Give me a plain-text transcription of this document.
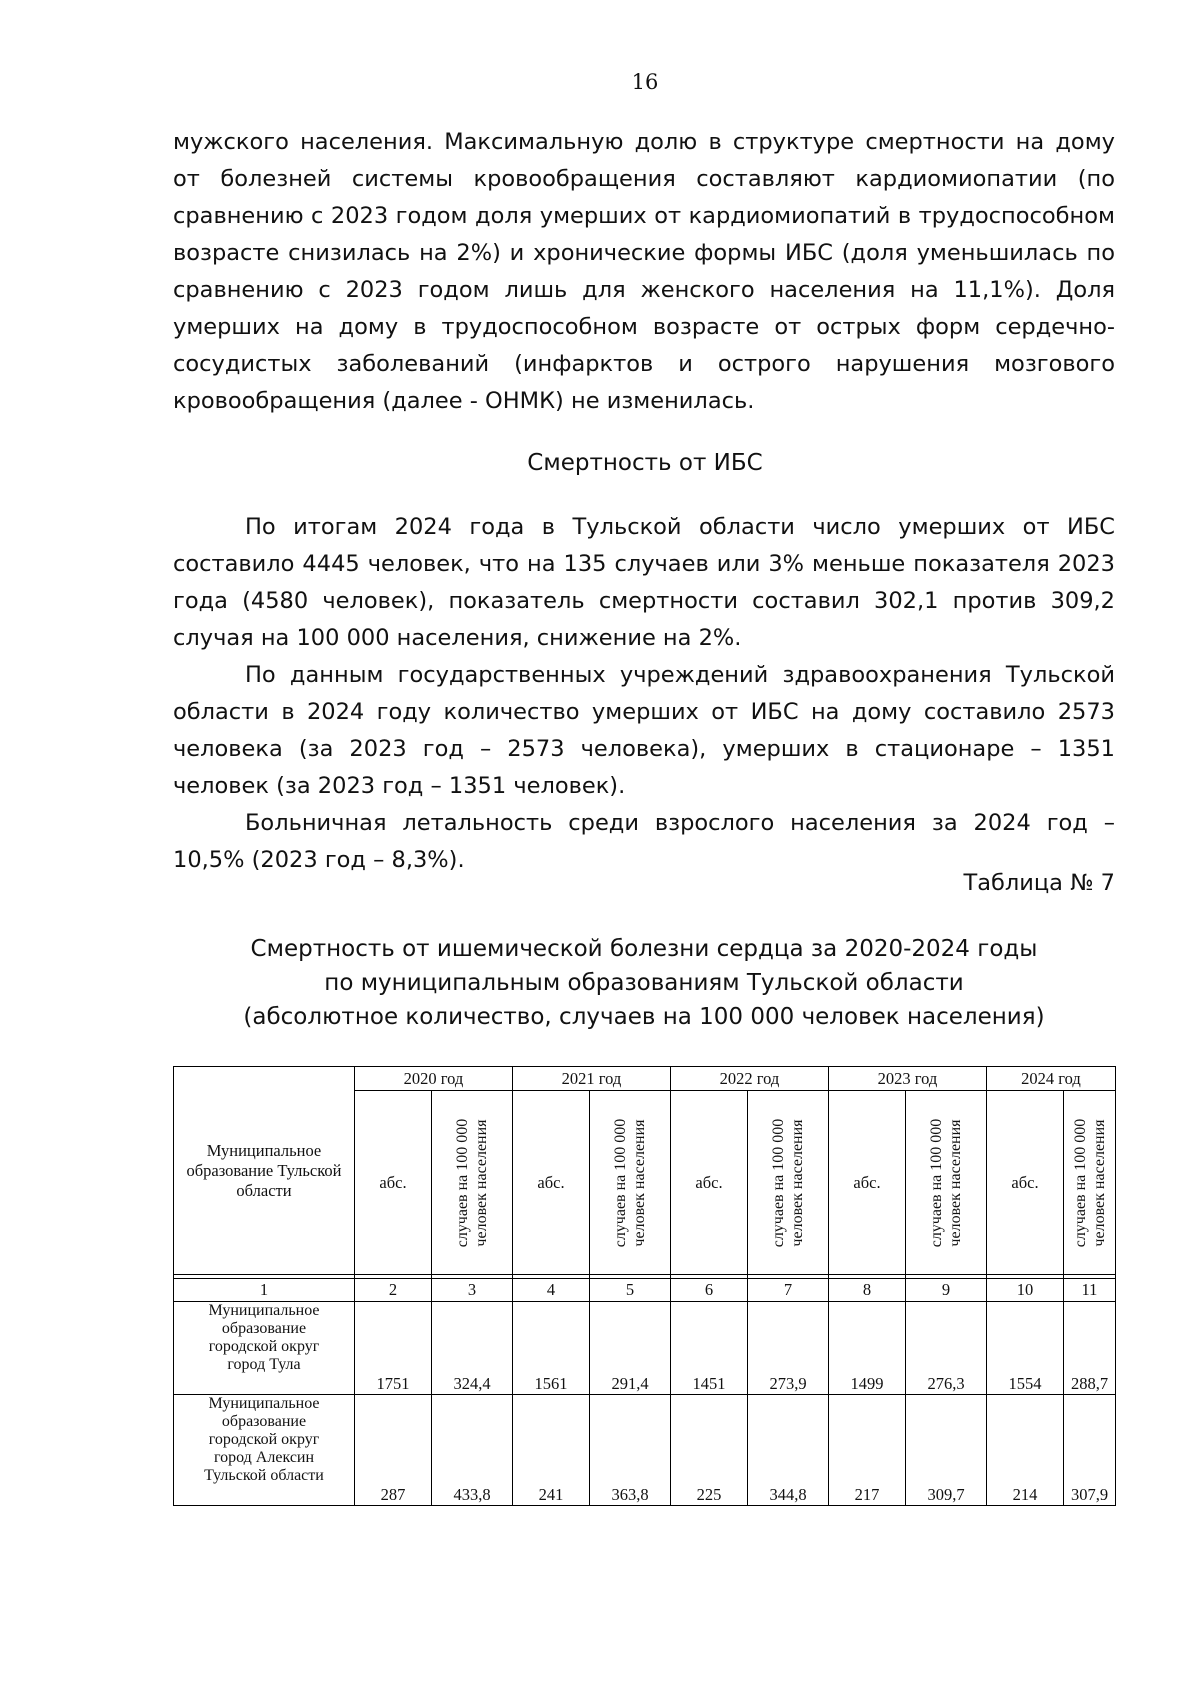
16

мужского населения. Максимальную долю в структуре смертности на дому от болезней системы кровообращения составляют кардиомиопатии (по сравнению с 2023 годом доля умерших от кардиомиопатий в трудоспособном возрасте снизилась на 2%) и хронические формы ИБС (доля уменьшилась по сравнению с 2023 годом лишь для женского населения на 11,1%). Доля умерших на дому в трудоспособном возрасте от острых форм сердечно-сосудистых заболеваний (инфарктов и острого нарушения мозгового кровообращения (далее - ОНМК) не изменилась.

Смертность от ИБС

По итогам 2024 года в Тульской области число умерших от ИБС составило 4445 человек, что на 135 случаев или 3% меньше показателя 2023 года (4580 человек), показатель смертности составил 302,1 против 309,2 случая на 100 000 населения, снижение на 2%.

По данным государственных учреждений здравоохранения Тульской области в 2024 году количество умерших от ИБС на дому составило 2573 человека (за 2023 год – 2573 человека), умерших в стационаре – 1351 человек (за 2023 год – 1351 человек).

Больничная летальность среди взрослого населения за 2024 год – 10,5% (2023 год – 8,3%).

Таблица № 7
Смертность от ишемической болезни сердца за 2020-2024 годы
по муниципальным образованиям Тульской области
(абсолютное количество, случаев на 100 000 человек населения)
Муниципальное образование Тульской области	2020 год		2021 год		2022 год		2023 год		2024 год	
	абс.	случаев на 100 000 человек населения	абс.	случаев на 100 000 человек населения	абс.	случаев на 100 000 человек населения	абс.	случаев на 100 000 человек населения	абс.	случаев на 100 000 человек населения

1	2	3	4	5	6	7	8	9	10	11

Муниципальное
образование
городской округ
город Тула	1751	324,4	1561	291,4	1451	273,9	1499	276,3	1554	288,7

Муниципальное
образование
городской округ
город Алексин
Тульской области	287	433,8	241	363,8	225	344,8	217	309,7	214	307,9
